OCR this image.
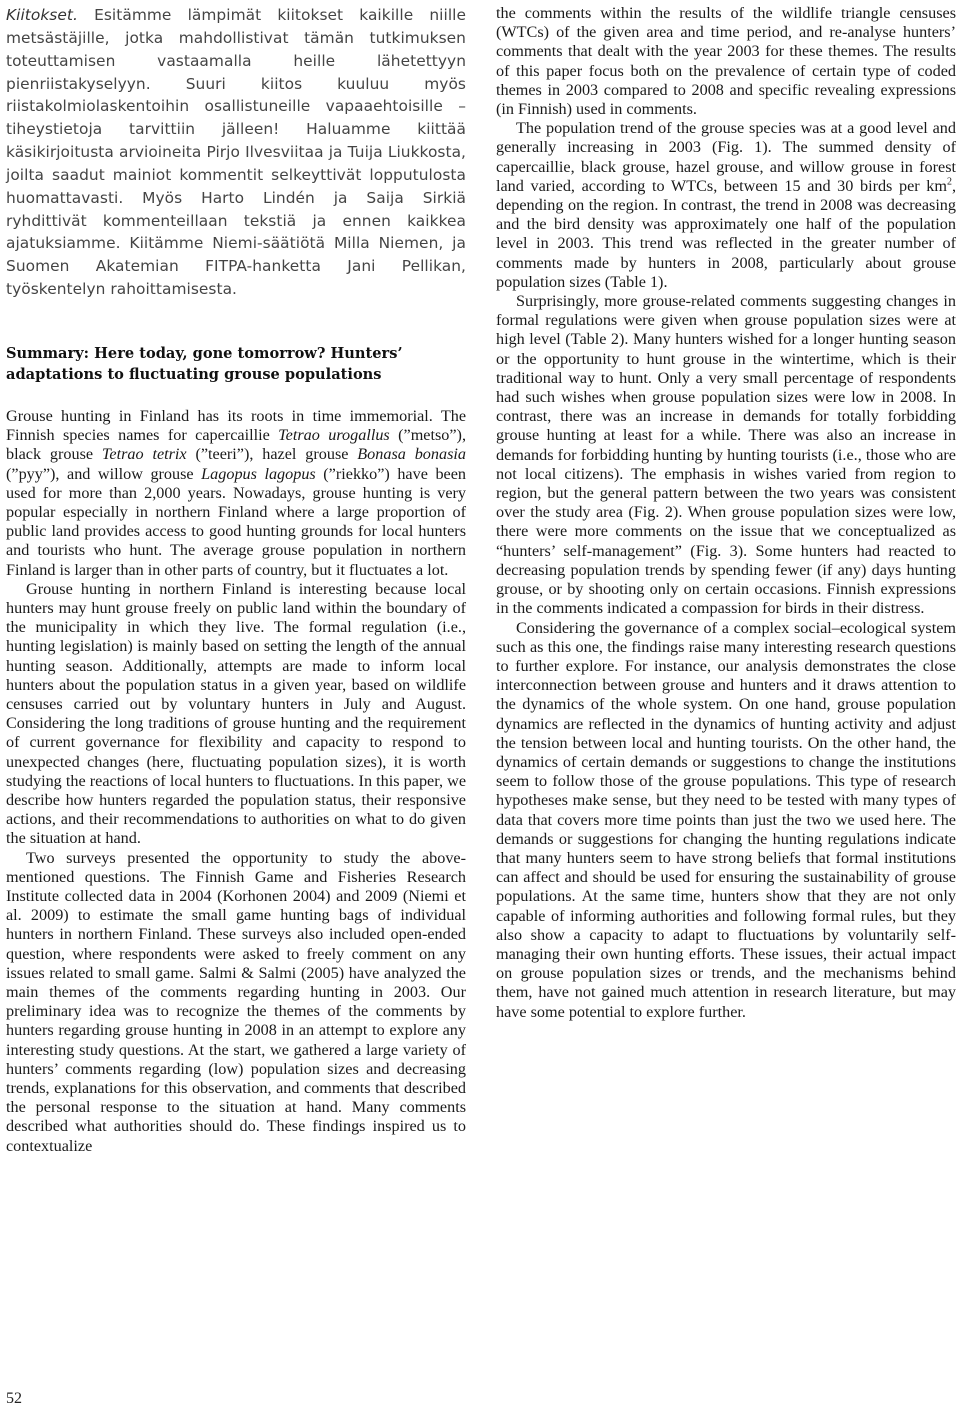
Kiitokset. Esitämme lämpimät kiitokset kaikille niille metsästäjille, jotka mahdollistivat tämän tutkimuksen toteuttamisen vastaamalla heille lähetettyyn pienriistakyselyyn. Suuri kiitos kuuluu myös riistakolmiolaskentoihin osallistuneille vapaaehtoisille – tiheystietoja tarvittiin jälleen! Haluamme kiittää käsikirjoitusta arvioineita Pirjo Ilvesviitaa ja Tuija Liukkosta, joilta saadut mainiot kommentit selkeyttivät lopputulosta huomattavasti. Myös Harto Lindén ja Saija Sirkiä ryhdittivät kommenteillaan tekstiä ja ennen kaikkea ajatuksiamme. Kiitämme Niemi-säätiötä Milla Niemen, ja Suomen Akatemian FITPA-hanketta Jani Pellikan, työskentelyn rahoittamisesta.

Summary: Here today, gone tomorrow? Hunters’ adaptations to fluctuating grouse populations

Grouse hunting in Finland has its roots in time immemorial. The Finnish species names for capercaillie Tetrao urogallus (”metso”), black grouse Tetrao tetrix (”teeri”), hazel grouse Bonasa bonasia (”pyy”), and willow grouse Lagopus lagopus (”riekko”) have been used for more than 2,000 years. Nowadays, grouse hunting is very popular especially in northern Finland where a large proportion of public land provides access to good hunting grounds for local hunters and tourists who hunt. The average grouse population in northern Finland is larger than in other parts of country, but it fluctuates a lot.

Grouse hunting in northern Finland is interesting because local hunters may hunt grouse freely on public land within the boundary of the municipality in which they live. The formal regulation (i.e., hunting legislation) is mainly based on setting the length of the annual hunting season. Additionally, attempts are made to inform local hunters about the population status in a given year, based on wildlife censuses carried out by voluntary hunters in July and August. Considering the long traditions of grouse hunting and the requirement of current governance for flexibility and capacity to respond to unexpected changes (here, fluctuating population sizes), it is worth studying the reactions of local hunters to fluctuations. In this paper, we describe how hunters regarded the population status, their responsive actions, and their recommendations to authorities on what to do given the situation at hand.

Two surveys presented the opportunity to study the above-mentioned questions. The Finnish Game and Fisheries Research Institute collected data in 2004 (Korhonen 2004) and 2009 (Niemi et al. 2009) to estimate the small game hunting bags of individual hunters in northern Finland. These surveys also included open-ended question, where respondents were asked to freely comment on any issues related to small game. Salmi & Salmi (2005) have analyzed the main themes of the comments regarding hunting in 2003. Our preliminary idea was to recognize the themes of the comments by hunters regarding grouse hunting in 2008 in an attempt to explore any interesting study questions. At the start, we gathered a large variety of hunters’ comments regarding (low) population sizes and decreasing trends, explanations for this observation, and comments that described the personal response to the situation at hand. Many comments described what authorities should do. These findings inspired us to contextualize

the comments within the results of the wildlife triangle censuses (WTCs) of the given area and time period, and re-analyse hunters’ comments that dealt with the year 2003 for these themes. The results of this paper focus both on the prevalence of certain type of coded themes in 2003 compared to 2008 and specific revealing expressions (in Finnish) used in comments.

The population trend of the grouse species was at a good level and generally increasing in 2003 (Fig. 1). The summed density of capercaillie, black grouse, hazel grouse, and willow grouse in forest land varied, according to WTCs, between 15 and 30 birds per $km^2$, depending on the region. In contrast, the trend in 2008 was decreasing and the bird density was approximately one half of the population level in 2003. This trend was reflected in the greater number of comments made by hunters in 2008, particularly about grouse population sizes (Table 1).

Surprisingly, more grouse-related comments suggesting changes in formal regulations were given when grouse population sizes were at high level (Table 2). Many hunters wished for a longer hunting season or the opportunity to hunt grouse in the wintertime, which is their traditional way to hunt. Only a very small percentage of respondents had such wishes when grouse population sizes were low in 2008. In contrast, there was an increase in demands for totally forbidding grouse hunting at least for a while. There was also an increase in demands for forbidding hunting by hunting tourists (i.e., those who are not local citizens). The emphasis in wishes varied from region to region, but the general pattern between the two years was consistent over the study area (Fig. 2). When grouse population sizes were low, there were more comments on the issue that we conceptualized as “hunters’ self-management” (Fig. 3). Some hunters had reacted to decreasing population trends by spending fewer (if any) days hunting grouse, or by shooting only on certain occasions. Finnish expressions in the comments indicated a compassion for birds in their distress.

Considering the governance of a complex social–ecological system such as this one, the findings raise many interesting research questions to further explore. For instance, our analysis demonstrates the close interconnection between grouse and hunters and it draws attention to the dynamics of the whole system. On one hand, grouse population dynamics are reflected in the dynamics of hunting activity and adjust the tension between local and hunting tourists. On the other hand, the dynamics of certain demands or suggestions to change the institutions seem to follow those of the grouse populations. This type of research hypotheses make sense, but they need to be tested with many types of data that covers more time points than just the two we used here. The demands or suggestions for changing the hunting regulations indicate that many hunters seem to have strong beliefs that formal institutions can affect and should be used for ensuring the sustainability of grouse populations. At the same time, hunters show that they are not only capable of informing authorities and following formal rules, but they also show a capacity to adapt to fluctuations by voluntarily self-managing their own hunting efforts. These issues, their actual impact on grouse population sizes or trends, and the mechanisms behind them, have not gained much attention in research literature, but may have some potential to explore further.

52
